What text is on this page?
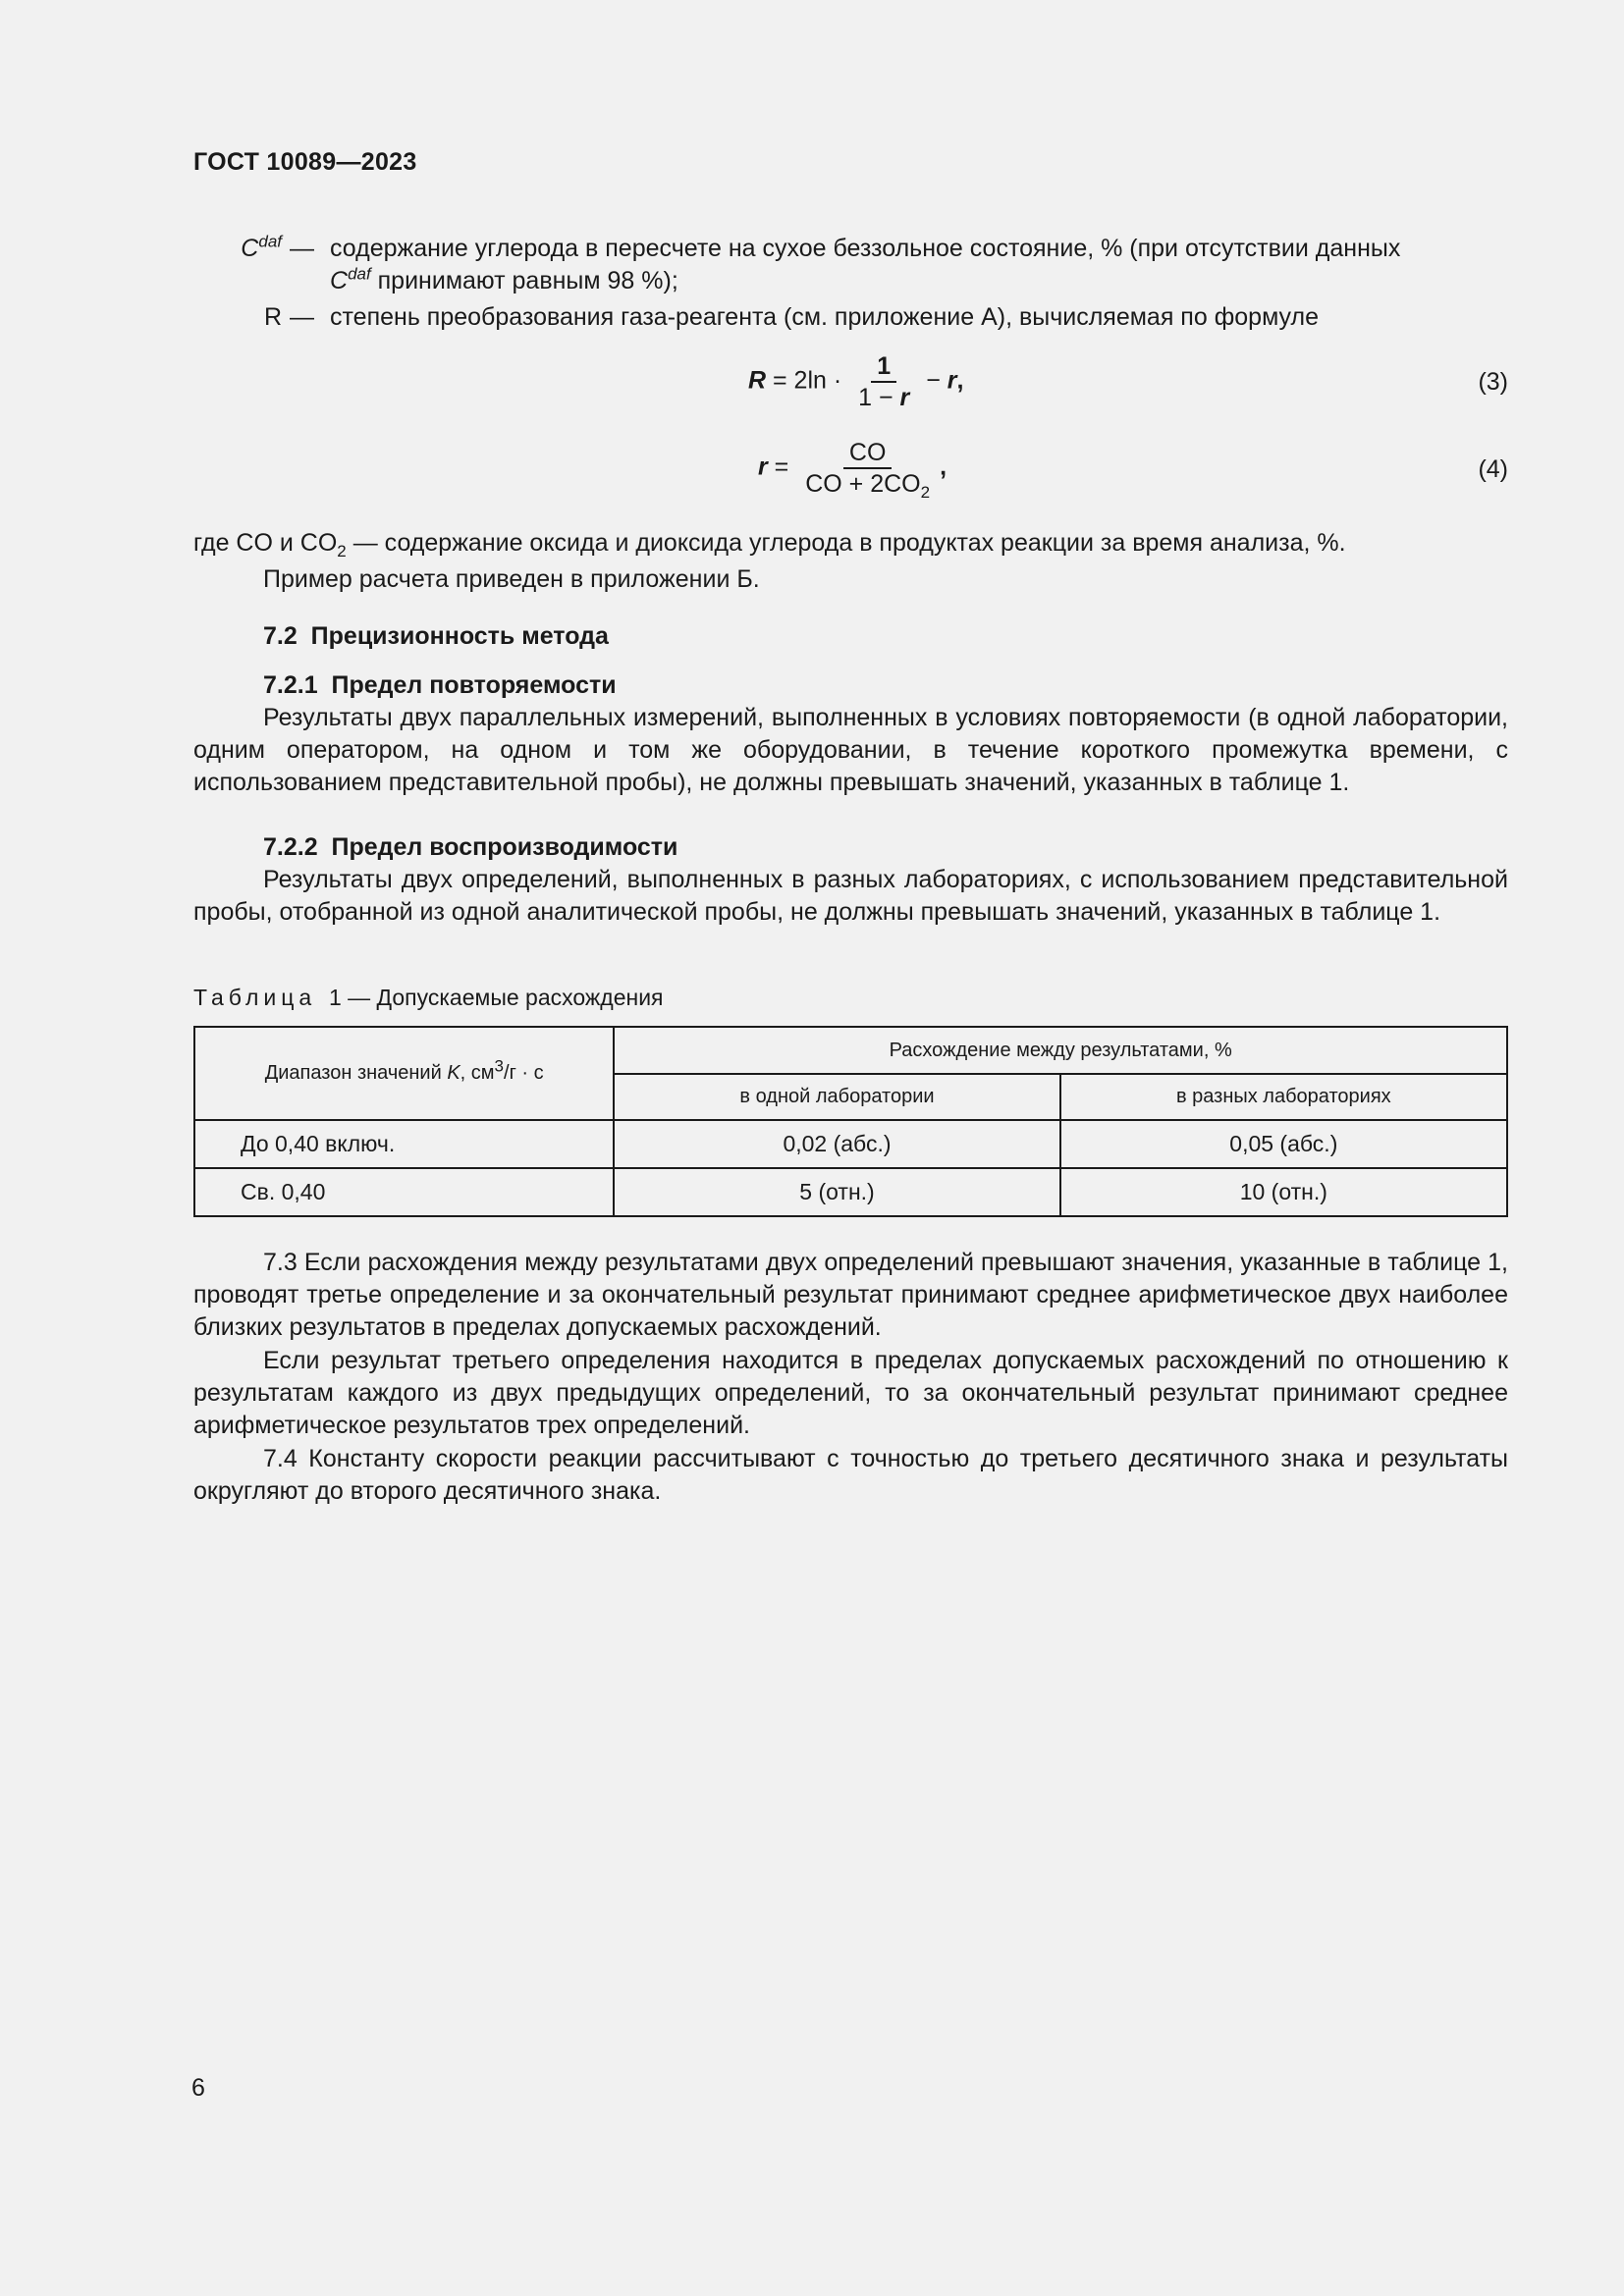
ГОСТ 10089—2023
$C^{daf}$ — содержание углерода в пересчете на сухое беззольное состояние, % (при отсутствии данных
$C^{daf}$ принимают равным 98 %);
R — степень преобразования газа-реагента (см. приложение А), вычисляемая по формуле
$R = 2\ln \cdot \frac{1}{1 - r} - r$,	(3)
$r = \frac{CO}{CO + 2CO_2}$ ,	(4)
где CO и $CO_2$ — содержание оксида и диоксида углерода в продуктах реакции за время анализа, %.
Пример расчета приведен в приложении Б.
7.2 Прецизионность метода
7.2.1 Предел повторяемости
Результаты двух параллельных измерений, выполненных в условиях повторяемости (в одной лаборатории, одним оператором, на одном и том же оборудовании, в течение короткого промежутка времени, с использованием представительной пробы), не должны превышать значений, указанных в таблице 1.
7.2.2 Предел воспроизводимости
Результаты двух определений, выполненных в разных лабораториях, с использованием представительной пробы, отобранной из одной аналитической пробы, не должны превышать значений, указанных в таблице 1.
Таблица 1 — Допускаемые расхождения
Диапазон значений K, $см^3/г \cdot с$	Расхождение между результатами, %	
	в одной лаборатории	в разных лабораториях
До 0,40 включ.	0,02 (абс.)	0,05 (абс.)
Св. 0,40	5 (отн.)	10 (отн.)
7.3 Если расхождения между результатами двух определений превышают значения, указанные в таблице 1, проводят третье определение и за окончательный результат принимают среднее арифметическое двух наиболее близких результатов в пределах допускаемых расхождений.
Если результат третьего определения находится в пределах допускаемых расхождений по отношению к результатам каждого из двух предыдущих определений, то за окончательный результат принимают среднее арифметическое результатов трех определений.
7.4 Константу скорости реакции рассчитывают с точностью до третьего десятичного знака и результаты округляют до второго десятичного знака.
6
